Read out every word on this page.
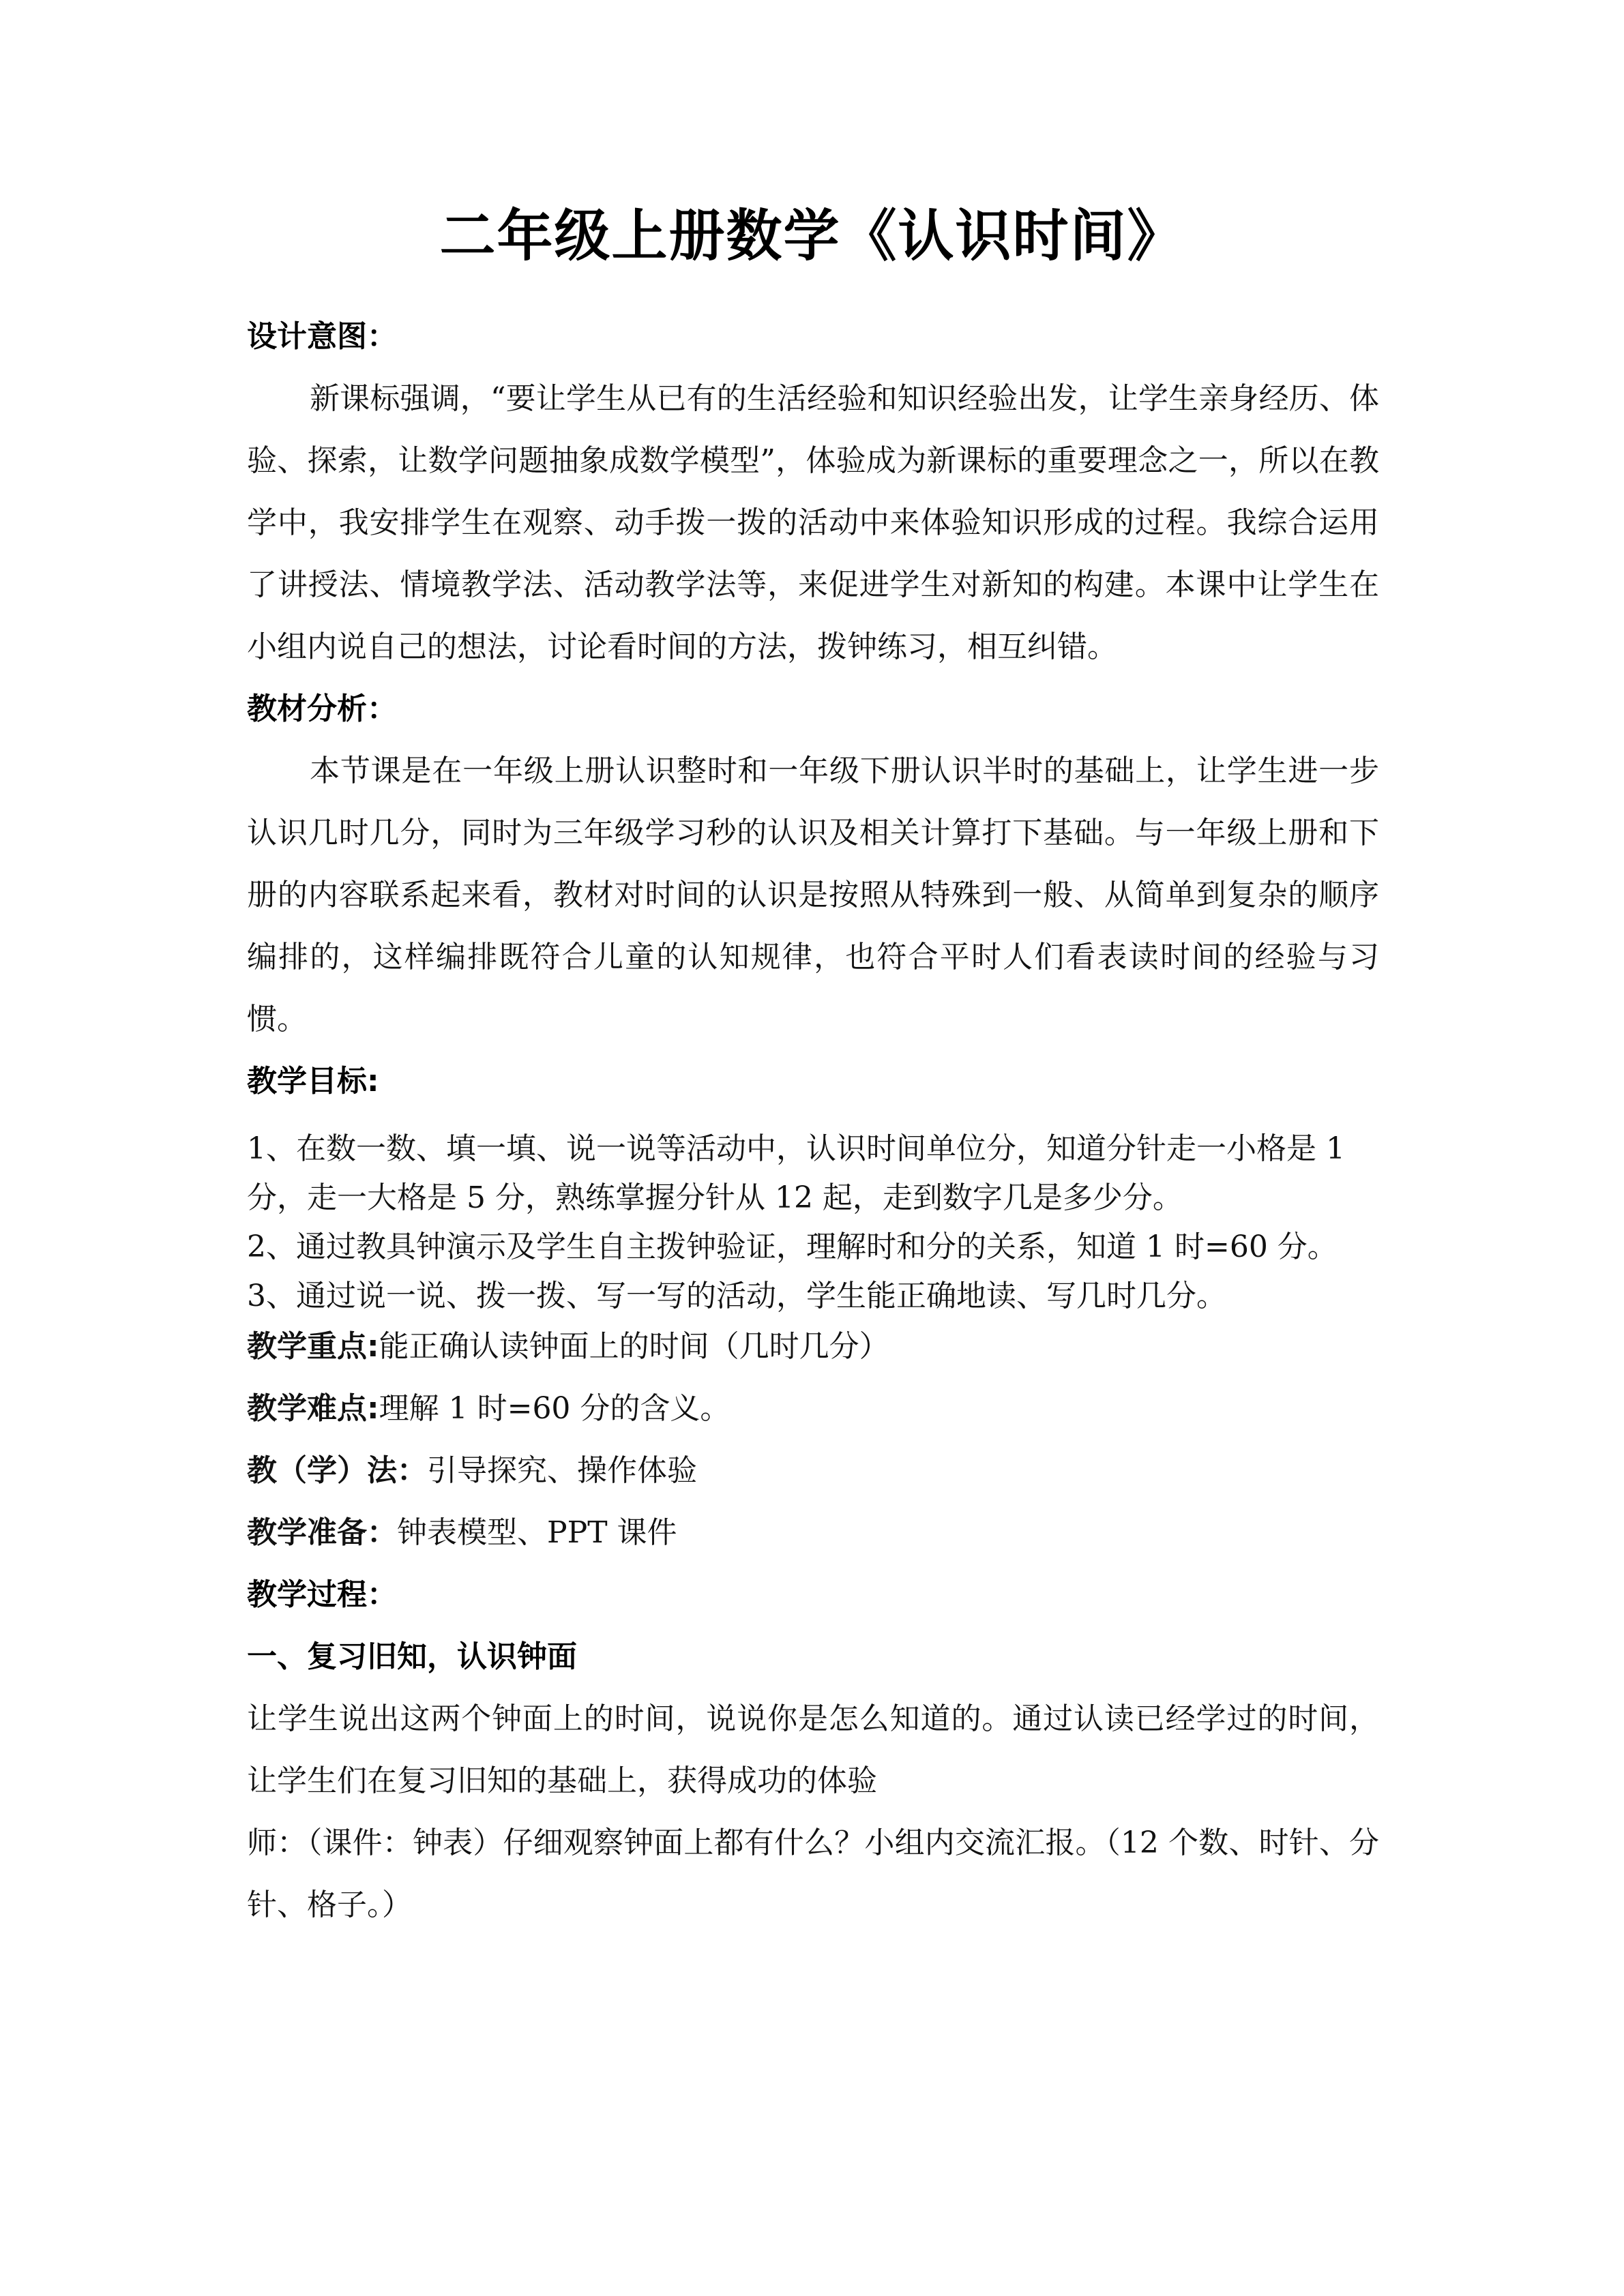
二年级上册数学《认识时间》

设计意图：

新课标强调，“要让学生从已有的生活经验和知识经验出发，让学生亲身经历、体验、探索，让数学问题抽象成数学模型”，体验成为新课标的重要理念之一，所以在教学中，我安排学生在观察、动手拨一拨的活动中来体验知识形成的过程。我综合运用了讲授法、情境教学法、活动教学法等，来促进学生对新知的构建。本课中让学生在小组内说自己的想法，讨论看时间的方法，拨钟练习，相互纠错。

教材分析：

本节课是在一年级上册认识整时和一年级下册认识半时的基础上，让学生进一步认识几时几分，同时为三年级学习秒的认识及相关计算打下基础。与一年级上册和下册的内容联系起来看，教材对时间的认识是按照从特殊到一般、从简单到复杂的顺序编排的，这样编排既符合儿童的认知规律，也符合平时人们看表读时间的经验与习惯。

教学目标:

1、在数一数、填一填、说一说等活动中，认识时间单位分，知道分针走一小格是 1 分，走一大格是 5 分，熟练掌握分针从 12 起，走到数字几是多少分。

2、通过教具钟演示及学生自主拨钟验证，理解时和分的关系，知道 1 时=60 分。

3、通过说一说、拨一拨、写一写的活动，学生能正确地读、写几时几分。

教学重点:能正确认读钟面上的时间（几时几分）

教学难点:理解 1 时=60 分的含义。

教（学）法：引导探究、操作体验

教学准备：钟表模型、PPT 课件

教学过程：

一、复习旧知，认识钟面

让学生说出这两个钟面上的时间，说说你是怎么知道的。通过认读已经学过的时间，让学生们在复习旧知的基础上，获得成功的体验

师：（课件：钟表）仔细观察钟面上都有什么？小组内交流汇报。（12 个数、时针、分针、格子。）
